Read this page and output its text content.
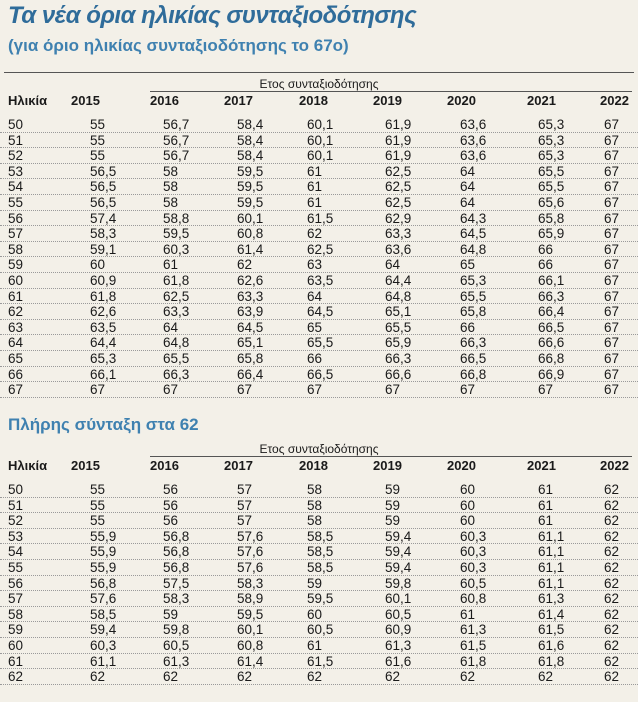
Τα νέα όρια ηλικίας συνταξιοδότησης
(για όριο ηλικίας συνταξιοδότησης το 67ο)
Ετος συνταξιοδότησης
Ηλικία 2015	2016	2017	2018	2019	2020	2021	2022
50	55	56,7	58,4	60,1	61,9	63,6	65,3	67
51	55	56,7	58,4	60,1	61,9	63,6	65,3	67
52	55	56,7	58,4	60,1	61,9	63,6	65,3	67
53	56,5	58	59,5	61	62,5	64	65,5	67
54	56,5	58	59,5	61	62,5	64	65,5	67
55	56,5	58	59,5	61	62,5	64	65,6	67
56	57,4	58,8	60,1	61,5	62,9	64,3	65,8	67
57	58,3	59,5	60,8	62	63,3	64,5	65,9	67
58	59,1	60,3	61,4	62,5	63,6	64,8	66	67
59	60	61	62	63	64	65	66	67
60	60,9	61,8	62,6	63,5	64,4	65,3	66,1	67
61	61,8	62,5	63,3	64	64,8	65,5	66,3	67
62	62,6	63,3	63,9	64,5	65,1	65,8	66,4	67
63	63,5	64	64,5	65	65,5	66	66,5	67
64	64,4	64,8	65,1	65,5	65,9	66,3	66,6	67
65	65,3	65,5	65,8	66	66,3	66,5	66,8	67
66	66,1	66,3	66,4	66,5	66,6	66,8	66,9	67
67	67	67	67	67	67	67	67	67
Πλήρης σύνταξη στα 62
Ετος συνταξιοδότησης
Ηλικία 2015	2016	2017	2018	2019	2020	2021	2022
50	55	56	57	58	59	60	61	62
51	55	56	57	58	59	60	61	62
52	55	56	57	58	59	60	61	62
53	55,9	56,8	57,6	58,5	59,4	60,3	61,1	62
54	55,9	56,8	57,6	58,5	59,4	60,3	61,1	62
55	55,9	56,8	57,6	58,5	59,4	60,3	61,1	62
56	56,8	57,5	58,3	59	59,8	60,5	61,1	62
57	57,6	58,3	58,9	59,5	60,1	60,8	61,3	62
58	58,5	59	59,5	60	60,5	61	61,4	62
59	59,4	59,8	60,1	60,5	60,9	61,3	61,5	62
60	60,3	60,5	60,8	61	61,3	61,5	61,6	62
61	61,1	61,3	61,4	61,5	61,6	61,8	61,8	62
62	62	62	62	62	62	62	62	62
